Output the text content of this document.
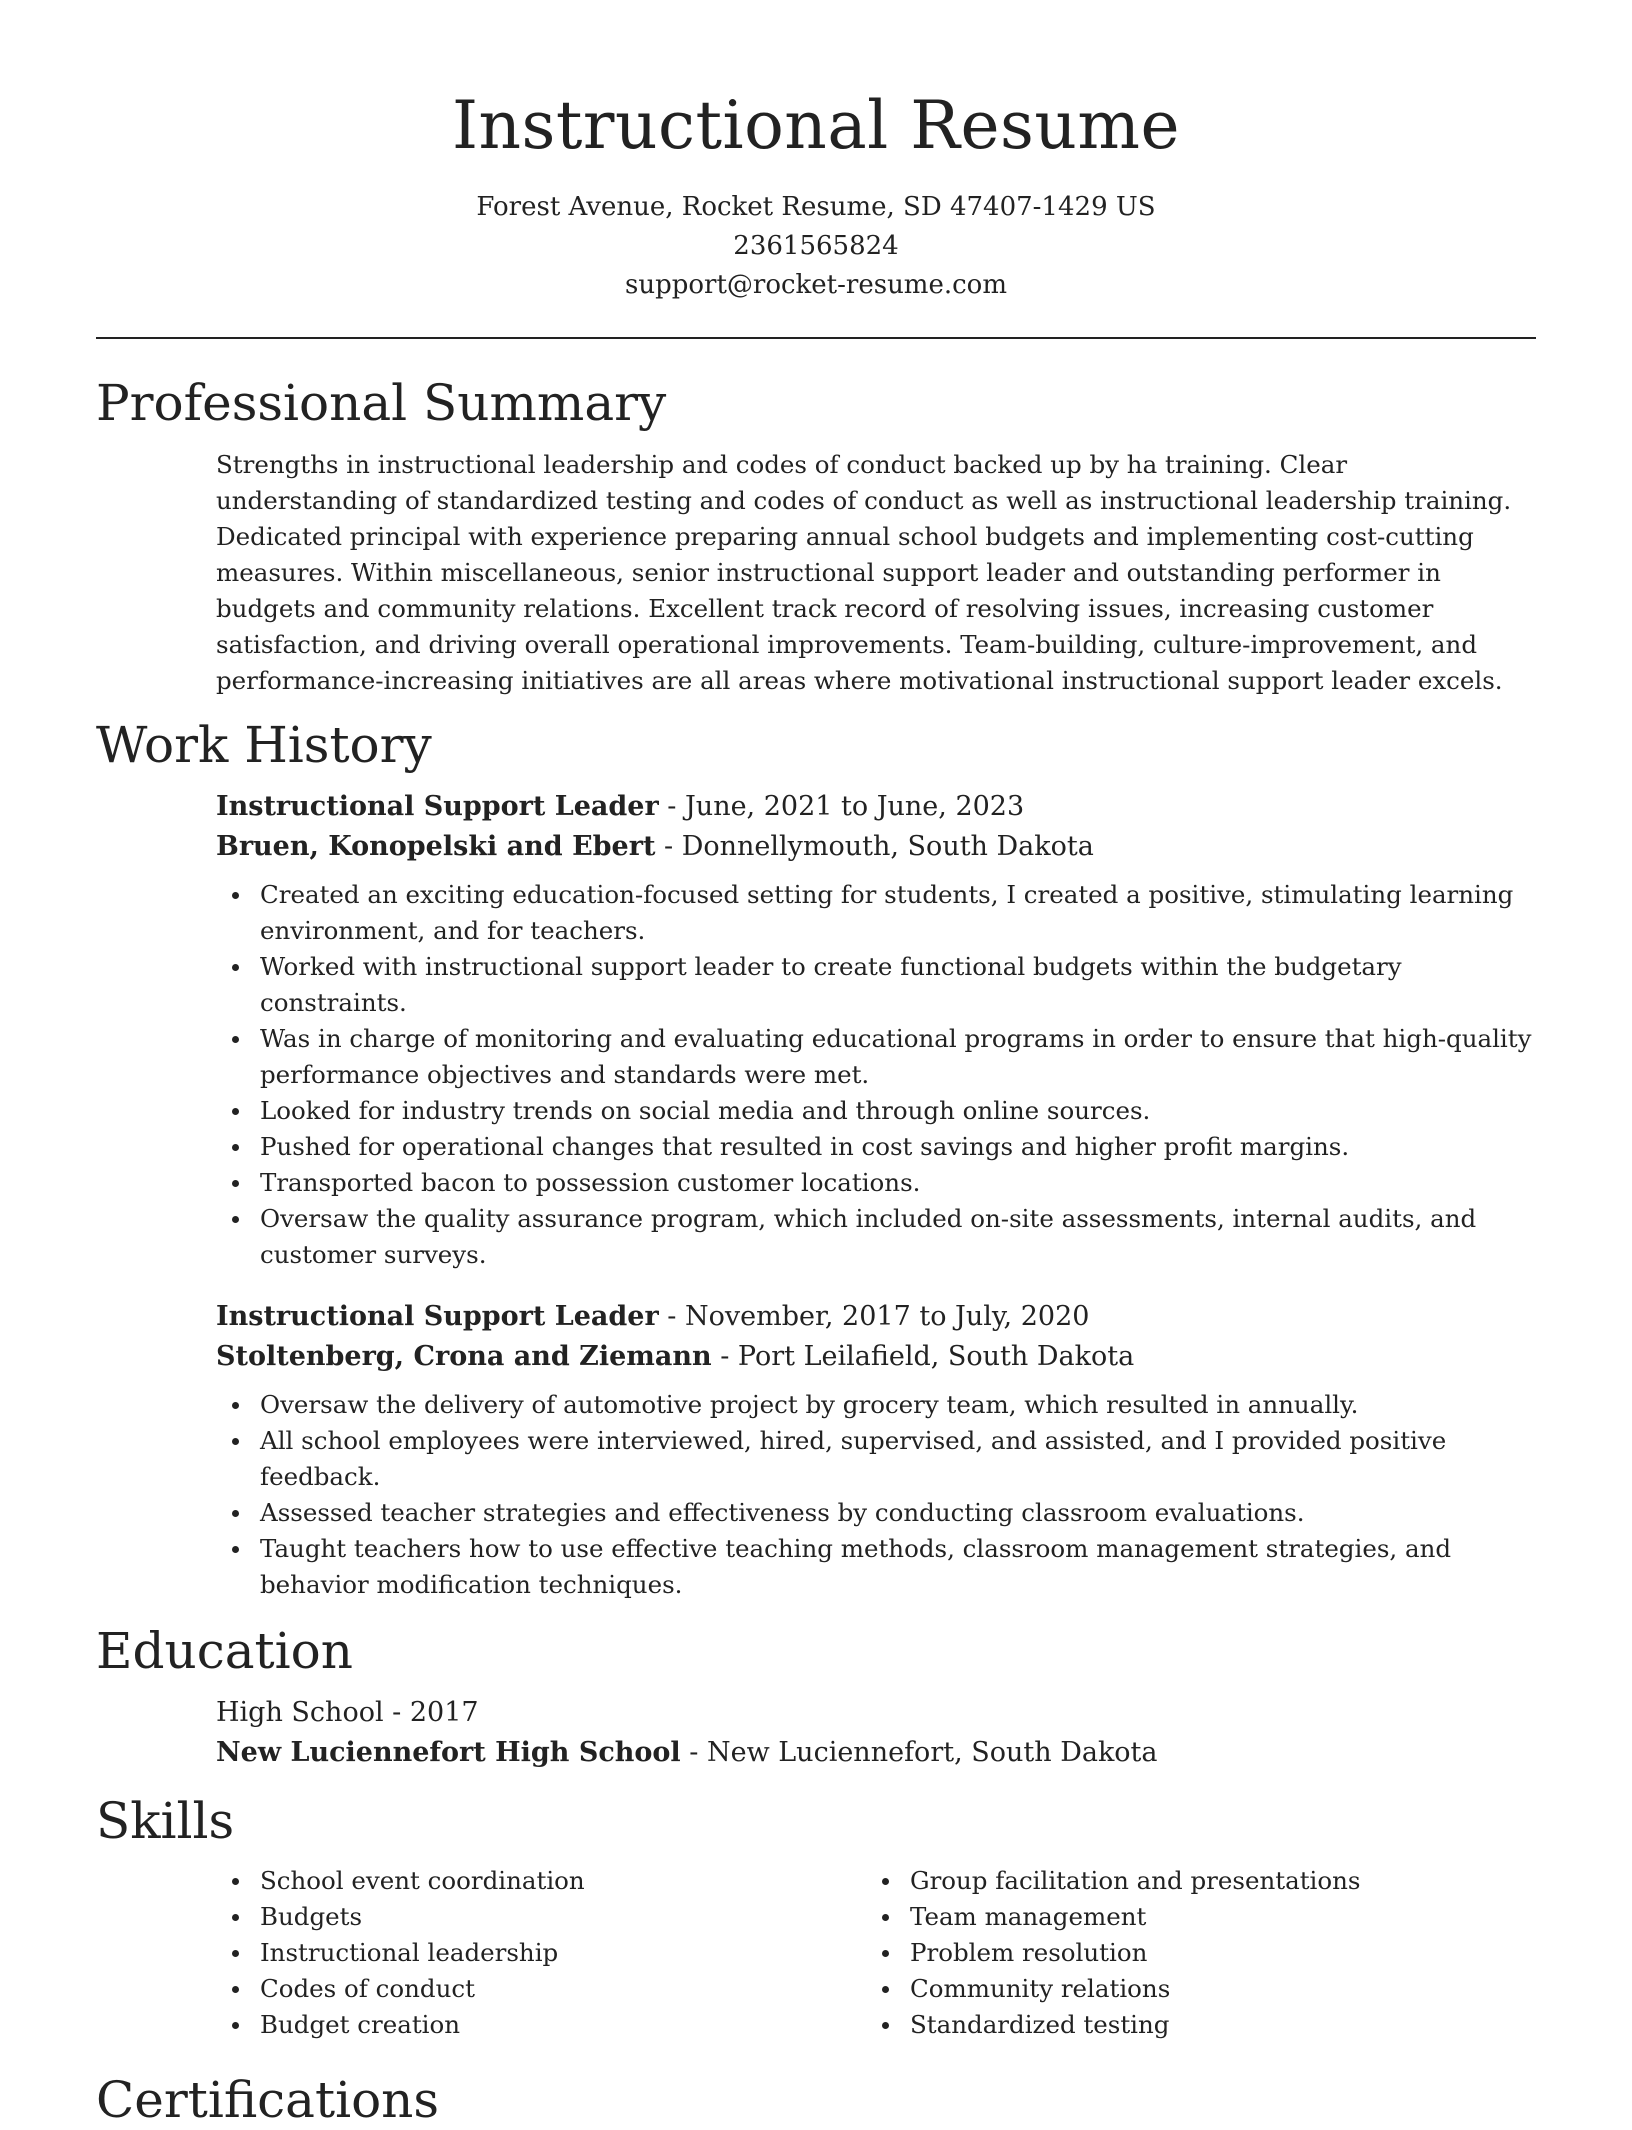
Instructional Resume
Forest Avenue, Rocket Resume, SD 47407-1429 US
2361565824
support@rocket-resume.com
Professional Summary

Strengths in instructional leadership and codes of conduct backed up by ha training. Clear understanding of standardized testing and codes of conduct as well as instructional leadership training. Dedicated principal with experience preparing annual school budgets and implementing cost-cutting measures. Within miscellaneous, senior instructional support leader and outstanding performer in budgets and community relations. Excellent track record of resolving issues, increasing customer satisfaction, and driving overall operational improvements. Team-building, culture-improvement, and performance-increasing initiatives are all areas where motivational instructional support leader excels.

Work History
Instructional Support Leader - June, 2021 to June, 2023
Bruen, Konopelski and Ebert - Donnellymouth, South Dakota
Created an exciting education-focused setting for students, I created a positive, stimulating learning environment, and for teachers.
Worked with instructional support leader to create functional budgets within the budgetary constraints.
Was in charge of monitoring and evaluating educational programs in order to ensure that high-quality performance objectives and standards were met.
Looked for industry trends on social media and through online sources.
Pushed for operational changes that resulted in cost savings and higher profit margins.
Transported bacon to possession customer locations.
Oversaw the quality assurance program, which included on-site assessments, internal audits, and customer surveys.
Instructional Support Leader - November, 2017 to July, 2020
Stoltenberg, Crona and Ziemann - Port Leilafield, South Dakota
Oversaw the delivery of automotive project by grocery team, which resulted in annually.
All school employees were interviewed, hired, supervised, and assisted, and I provided positive feedback.
Assessed teacher strategies and effectiveness by conducting classroom evaluations.
Taught teachers how to use effective teaching methods, classroom management strategies, and behavior modification techniques.
Education
High School - 2017
New Luciennefort High School - New Luciennefort, South Dakota
Skills
School event coordination
Budgets
Instructional leadership
Codes of conduct
Budget creation
Group facilitation and presentations
Team management
Problem resolution
Community relations
Standardized testing
Certifications
